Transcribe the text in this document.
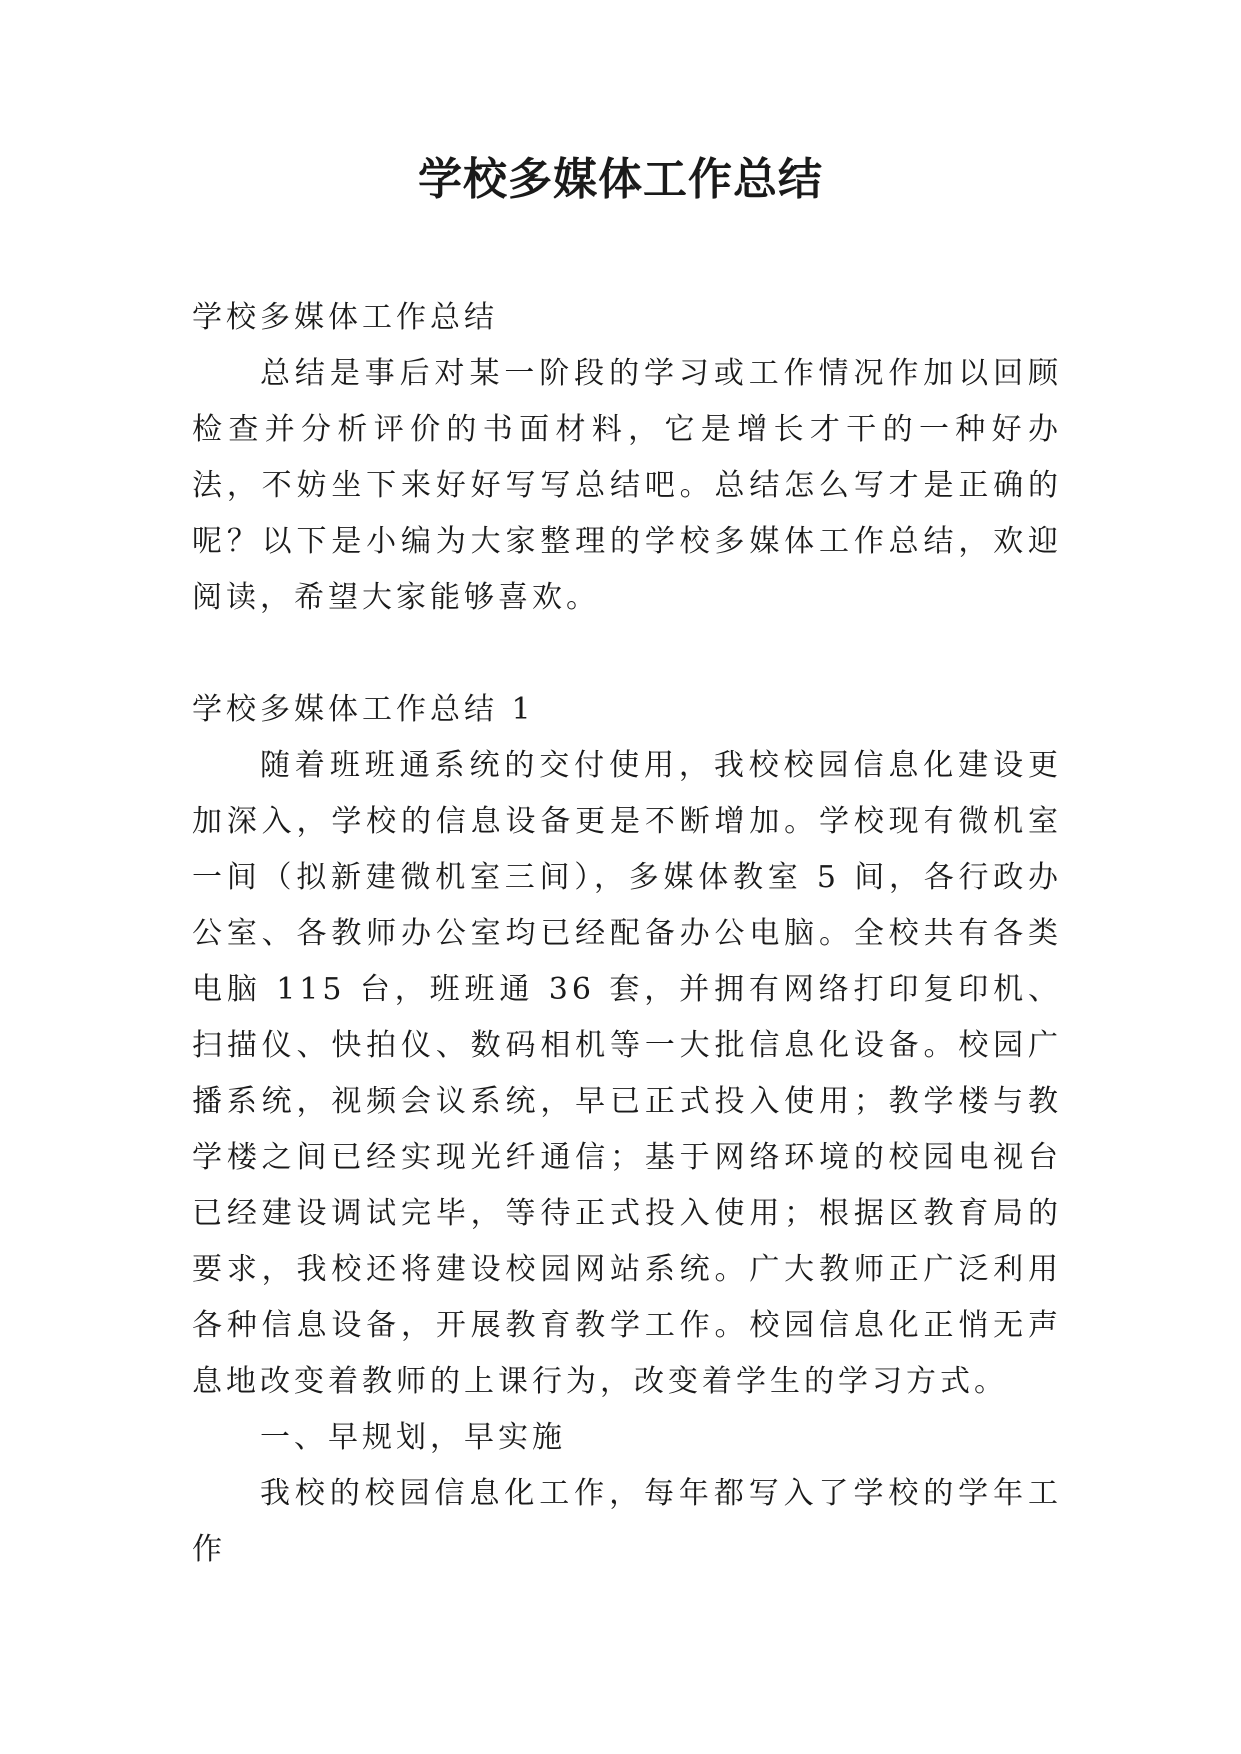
学校多媒体工作总结

学校多媒体工作总结

总结是事后对某一阶段的学习或工作情况作加以回顾检查并分析评价的书面材料，它是增长才干的一种好办法，不妨坐下来好好写写总结吧。总结怎么写才是正确的呢？以下是小编为大家整理的学校多媒体工作总结，欢迎阅读，希望大家能够喜欢。

学校多媒体工作总结 1

随着班班通系统的交付使用，我校校园信息化建设更加深入，学校的信息设备更是不断增加。学校现有微机室一间（拟新建微机室三间），多媒体教室 5 间，各行政办公室、各教师办公室均已经配备办公电脑。全校共有各类电脑 115 台，班班通 36 套，并拥有网络打印复印机、扫描仪、快拍仪、数码相机等一大批信息化设备。校园广播系统，视频会议系统，早已正式投入使用；教学楼与教学楼之间已经实现光纤通信；基于网络环境的校园电视台已经建设调试完毕，等待正式投入使用；根据区教育局的要求，我校还将建设校园网站系统。广大教师正广泛利用各种信息设备，开展教育教学工作。校园信息化正悄无声息地改变着教师的上课行为，改变着学生的学习方式。

一、早规划，早实施

我校的校园信息化工作，每年都写入了学校的学年工作
